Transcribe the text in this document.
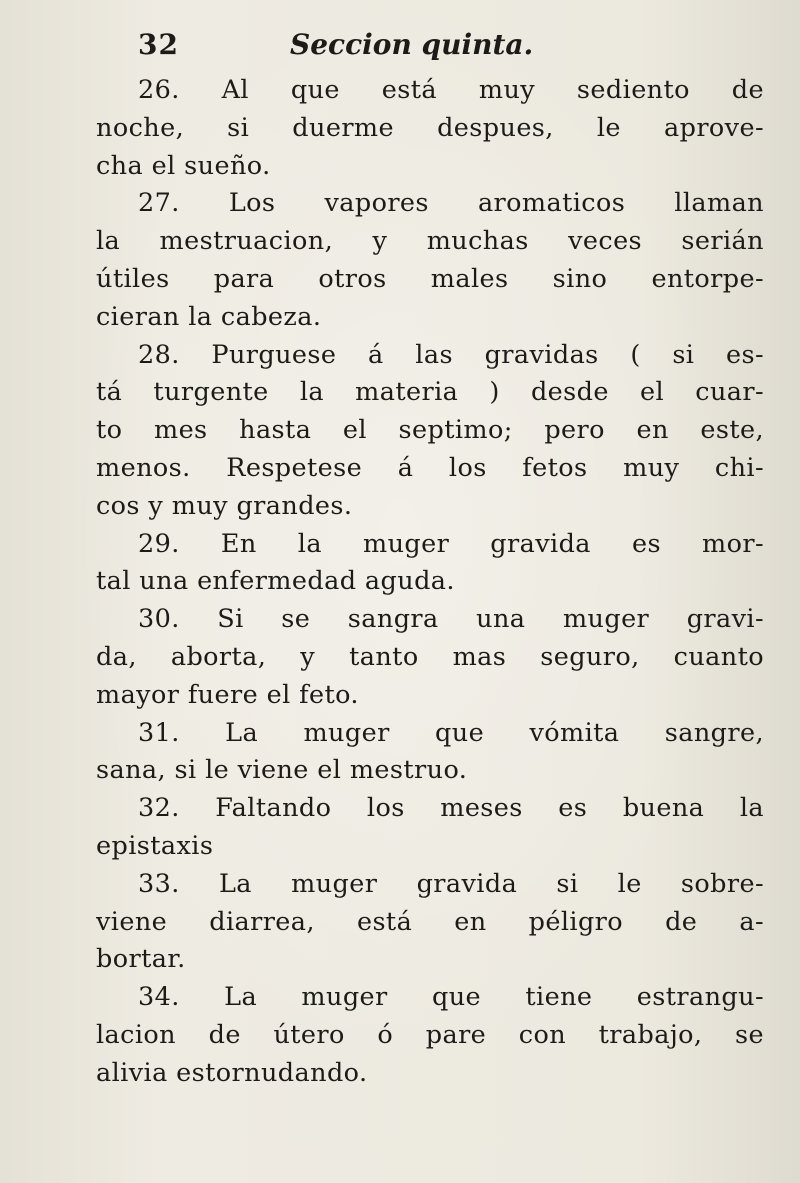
32	Seccion quinta.
26. Al que está muy sediento de
noche, si duerme despues, le aprove-
cha el sueño.
27. Los vapores aromaticos llaman
la mestruacion, y muchas veces serián
útiles para otros males sino entorpe-
cieran la cabeza.
28. Purguese á las gravidas ( si es-
tá turgente la materia ) desde el cuar-
to mes hasta el septimo; pero en este,
menos. Respetese á los fetos muy chi-
cos y muy grandes.
29. En la muger gravida es mor-
tal una enfermedad aguda.
30. Si se sangra una muger gravi-
da, aborta, y tanto mas seguro, cuanto
mayor fuere el feto.
31. La muger que vómita sangre,
sana, si le viene el mestruo.
32. Faltando los meses es buena la
epistaxis
33. La muger gravida si le sobre-
viene diarrea, está en péligro de a-
bortar.
34. La muger que tiene estrangu-
lacion de útero ó pare con trabajo, se
alivia estornudando.
